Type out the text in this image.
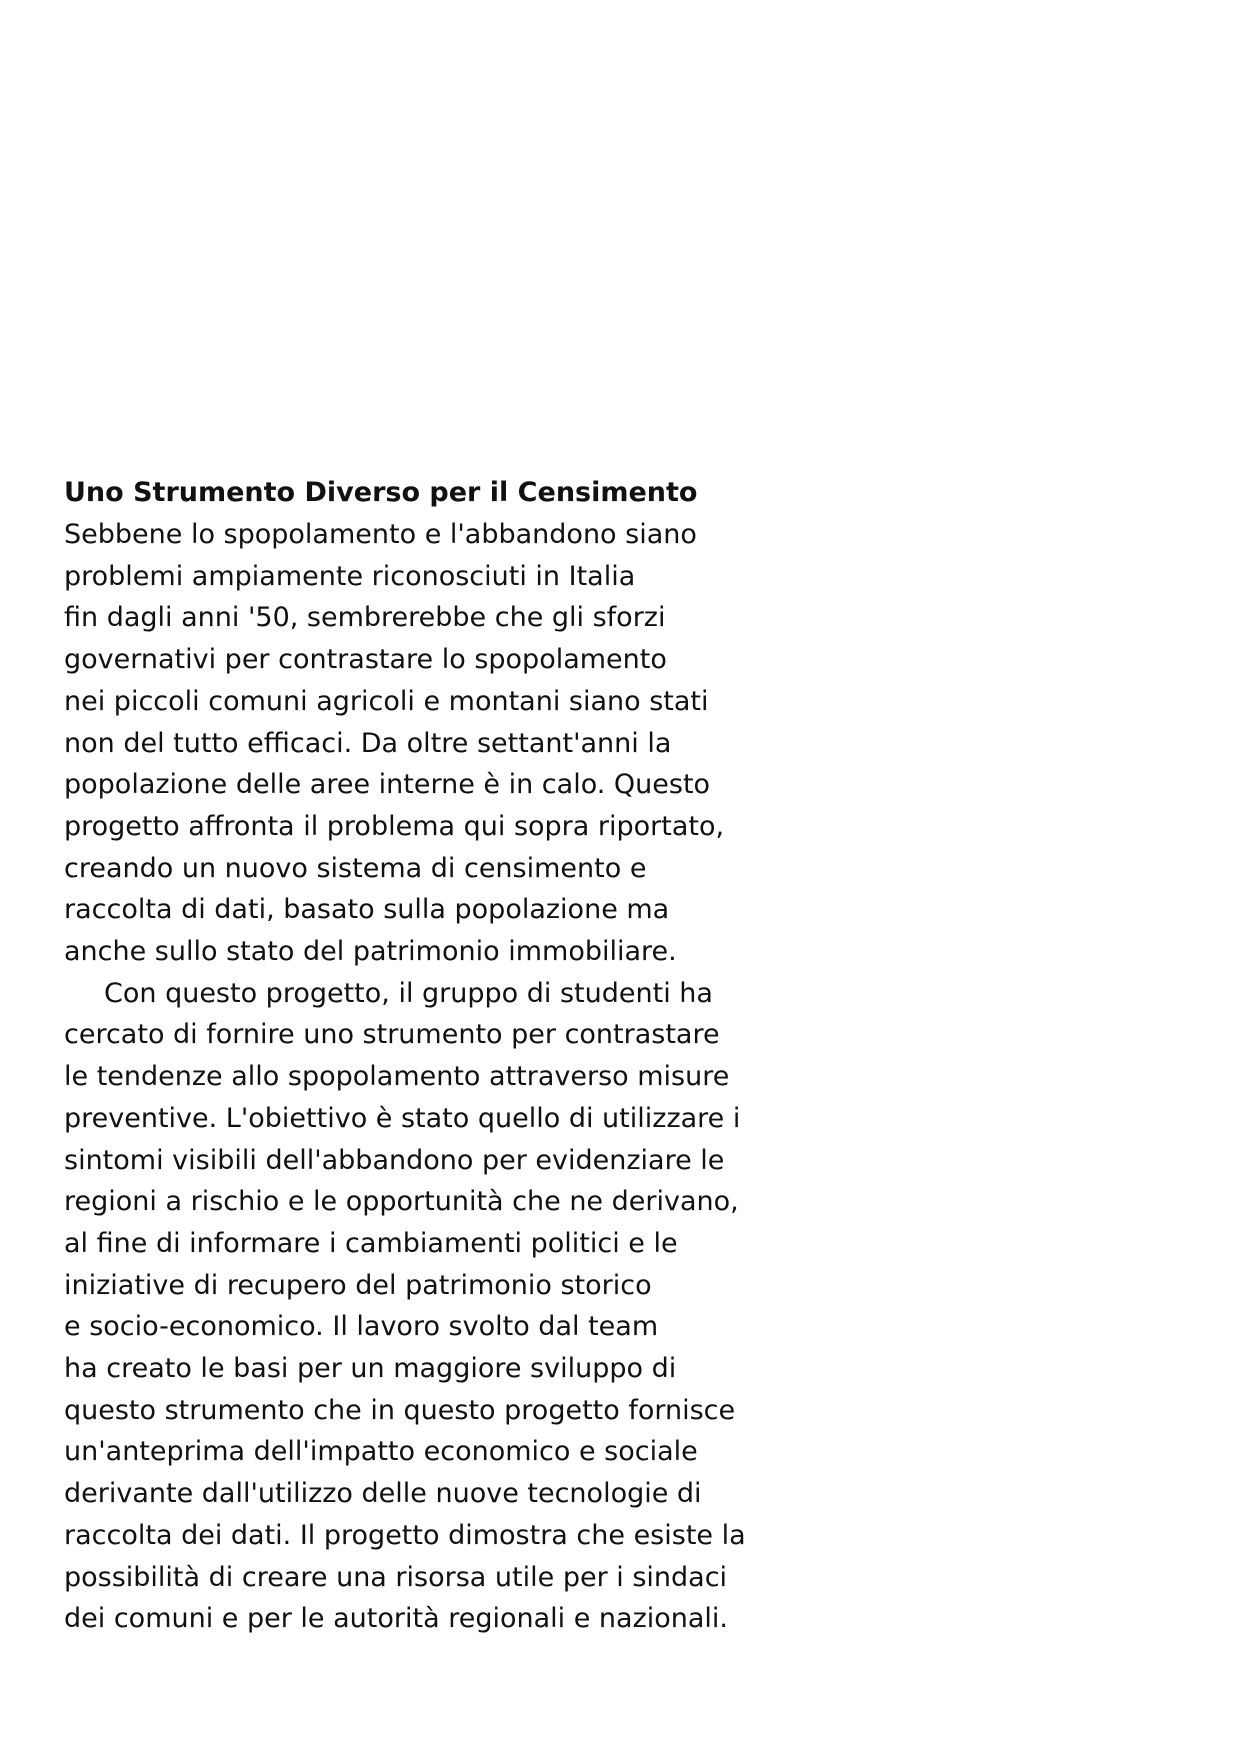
Uno Strumento Diverso per il Censimento

Sebbene lo spopolamento e l'abbandono siano

problemi ampiamente riconosciuti in Italia

fin dagli anni '50, sembrerebbe che gli sforzi

governativi per contrastare lo spopolamento

nei piccoli comuni agricoli e montani siano stati

non del tutto efficaci. Da oltre settant'anni la

popolazione delle aree interne è in calo. Questo

progetto affronta il problema qui sopra riportato,

creando un nuovo sistema di censimento e

raccolta di dati, basato sulla popolazione ma

anche sullo stato del patrimonio immobiliare.

Con questo progetto, il gruppo di studenti ha

cercato di fornire uno strumento per contrastare

le tendenze allo spopolamento attraverso misure

preventive. L'obiettivo è stato quello di utilizzare i

sintomi visibili dell'abbandono per evidenziare le

regioni a rischio e le opportunità che ne derivano,

al fine di informare i cambiamenti politici e le

iniziative di recupero del patrimonio storico

e socio-economico. Il lavoro svolto dal team

ha creato le basi per un maggiore sviluppo di

questo strumento che in questo progetto fornisce

un'anteprima dell'impatto economico e sociale

derivante dall'utilizzo delle nuove tecnologie di

raccolta dei dati. Il progetto dimostra che esiste la

possibilità di creare una risorsa utile per i sindaci

dei comuni e per le autorità regionali e nazionali.
